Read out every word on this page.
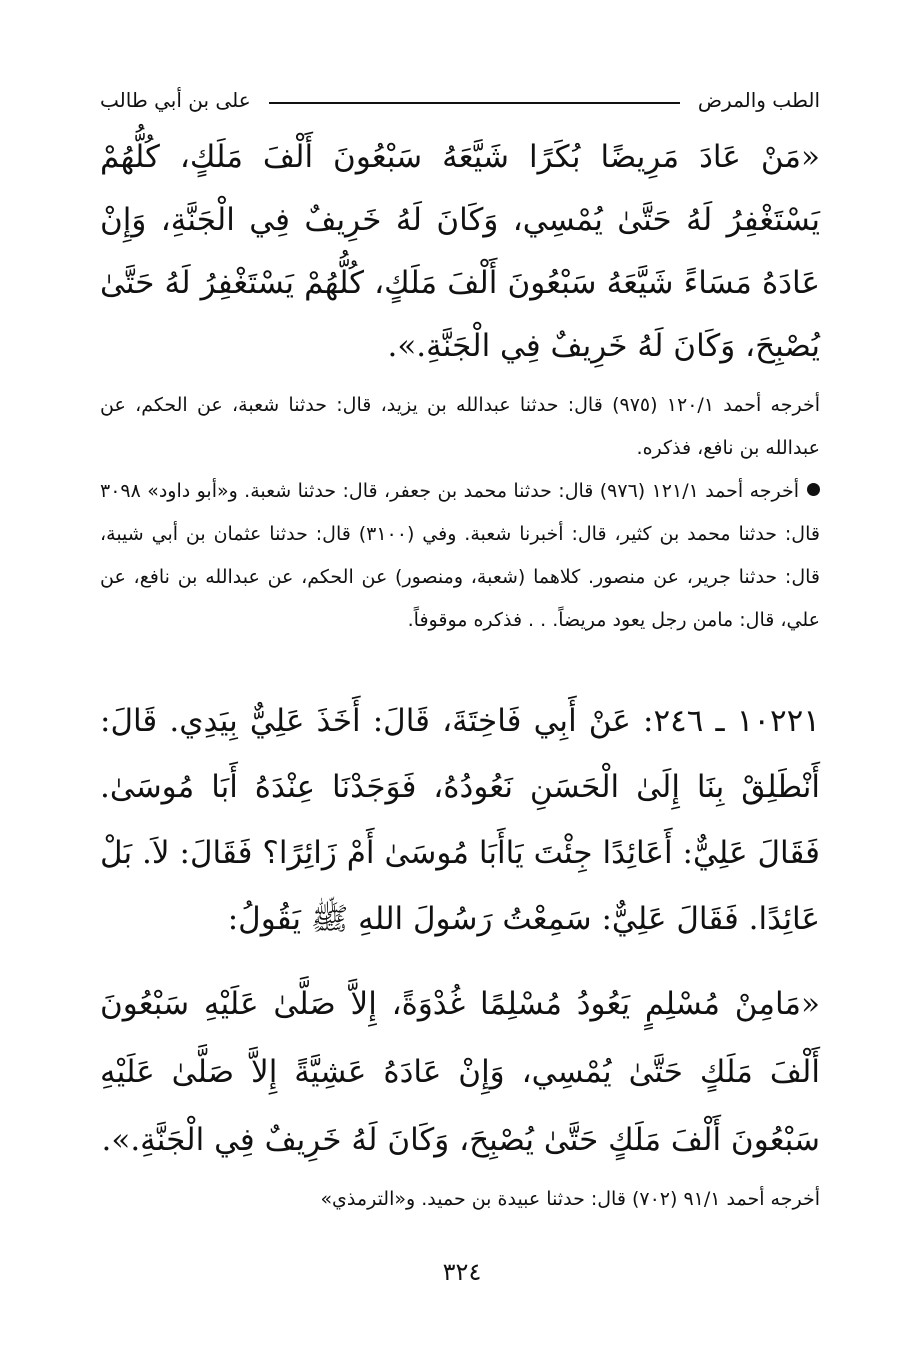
الطب والمرض
على بن أبي طالب

«مَنْ عَادَ مَرِيضًا بُكَرًا شَيَّعَهُ سَبْعُونَ أَلْفَ مَلَكٍ، كُلُّهُمْ يَسْتَغْفِرُ لَهُ حَتَّىٰ يُمْسِي، وَكَانَ لَهُ خَرِيفٌ فِي الْجَنَّةِ، وَإِنْ عَادَهُ مَسَاءً شَيَّعَهُ سَبْعُونَ أَلْفَ مَلَكٍ، كُلُّهُمْ يَسْتَغْفِرُ لَهُ حَتَّىٰ يُصْبِحَ، وَكَانَ لَهُ خَرِيفٌ فِي الْجَنَّةِ.».

أخرجه أحمد ١٢٠/١ (٩٧٥) قال: حدثنا عبدالله بن يزيد، قال: حدثنا شعبة، عن الحكم، عن عبدالله بن نافع، فذكره.

أخرجه أحمد ١٢١/١ (٩٧٦) قال: حدثنا محمد بن جعفر، قال: حدثنا شعبة. و«أبو داود» ٣٠٩٨ قال: حدثنا محمد بن كثير، قال: أخبرنا شعبة. وفي (٣١٠٠) قال: حدثنا عثمان بن أبي شيبة، قال: حدثنا جرير، عن منصور. كلاهما (شعبة، ومنصور) عن الحكم، عن عبدالله بن نافع، عن علي، قال: مامن رجل يعود مريضاً. . . فذكره موقوفاً.

١٠٢٢١ ـ ٢٤٦: عَنْ أَبِي فَاخِتَةَ، قَالَ: أَخَذَ عَلِيٌّ بِيَدِي. قَالَ: أَنْطَلِقْ بِنَا إِلَىٰ الْحَسَنِ نَعُودُهُ، فَوَجَدْنَا عِنْدَهُ أَبَا مُوسَىٰ. فَقَالَ عَلِيٌّ: أَعَائِدًا جِئْتَ يَاأَبَا مُوسَىٰ أَمْ زَائِرًا؟ فَقَالَ: لاَ. بَلْ عَائِدًا. فَقَالَ عَلِيٌّ: سَمِعْتُ رَسُولَ اللهِ ﷺ يَقُولُ:

«مَامِنْ مُسْلِمٍ يَعُودُ مُسْلِمًا غُدْوَةً، إِلاَّ صَلَّىٰ عَلَيْهِ سَبْعُونَ أَلْفَ مَلَكٍ حَتَّىٰ يُمْسِي، وَإِنْ عَادَهُ عَشِيَّةً إِلاَّ صَلَّىٰ عَلَيْهِ سَبْعُونَ أَلْفَ مَلَكٍ حَتَّىٰ يُصْبِحَ، وَكَانَ لَهُ خَرِيفٌ فِي الْجَنَّةِ.».

أخرجه أحمد ٩١/١ (٧٠٢) قال: حدثنا عبيدة بن حميد. و«الترمذي»

٣٢٤
